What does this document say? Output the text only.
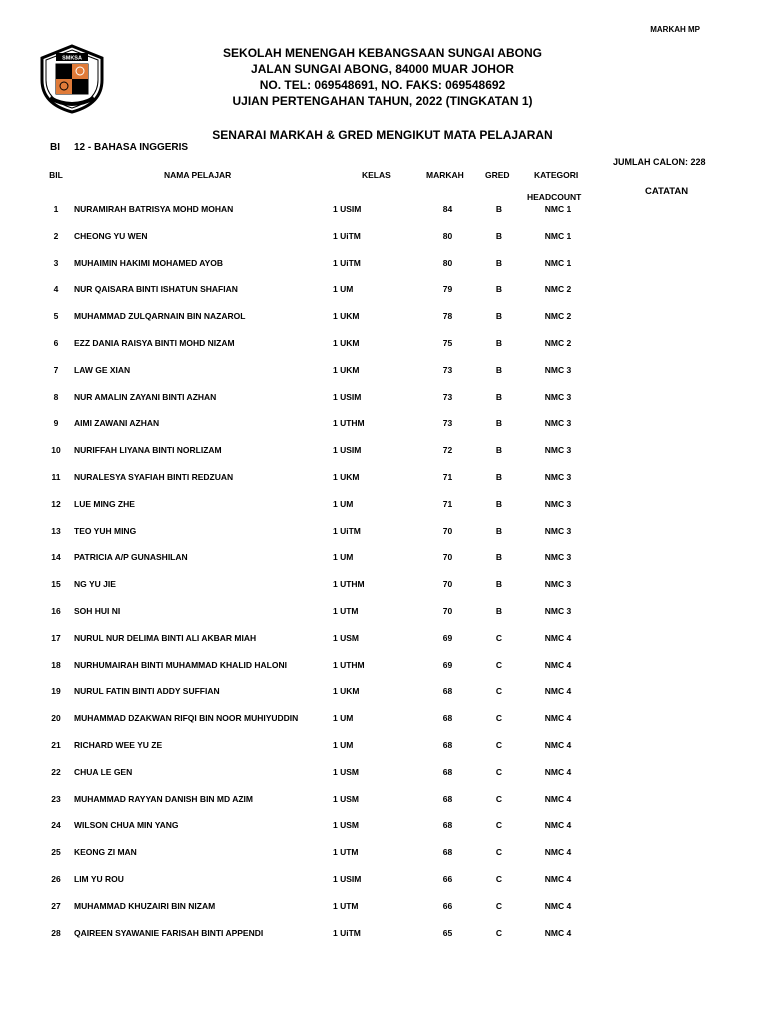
MARKAH MP
SMKSA	SEKOLAH MENENGAH KEBANGSAAN SUNGAI ABONG
JALAN SUNGAI ABONG, 84000 MUAR JOHOR
NO. TEL: 069548691, NO. FAKS: 069548692
UJIAN PERTENGAHAN TAHUN, 2022 (TINGKATAN 1)
SENARAI MARKAH & GRED MENGIKUT MATA PELAJARAN
BI 12 - BAHASA INGGERIS
JUMLAH CALON: 228
BIL	NAMA PELAJAR	KELAS	MARKAH GRED	KATEGORI
HEADCOUNT	CATATAN
1	NURAMIRAH BATRISYA MOHD MOHAN	1 USIM	84	B	NMC 1
2	CHEONG YU WEN	1 UiTM	80	B	NMC 1
3	MUHAIMIN HAKIMI MOHAMED AYOB	1 UiTM	80	B	NMC 1
4	NUR QAISARA BINTI ISHATUN SHAFIAN	1 UM	79	B	NMC 2
5	MUHAMMAD ZULQARNAIN BIN NAZAROL	1 UKM	78	B	NMC 2
6	EZZ DANIA RAISYA BINTI MOHD NIZAM	1 UKM	75	B	NMC 2
7	LAW GE XIAN	1 UKM	73	B	NMC 3
8	NUR AMALIN ZAYANI BINTI AZHAN	1 USIM	73	B	NMC 3
9	AIMI ZAWANI AZHAN	1 UTHM	73	B	NMC 3
10	NURIFFAH LIYANA BINTI NORLIZAM	1 USIM	72	B	NMC 3
11	NURALESYA SYAFIAH BINTI REDZUAN	1 UKM	71	B	NMC 3
12	LUE MING ZHE	1 UM	71	B	NMC 3
13	TEO YUH MING	1 UiTM	70	B	NMC 3
14	PATRICIA A/P GUNASHILAN	1 UM	70	B	NMC 3
15	NG YU JIE	1 UTHM	70	B	NMC 3
16	SOH HUI NI	1 UTM	70	B	NMC 3
17	NURUL NUR DELIMA BINTI ALI AKBAR MIAH	1 USM	69	C	NMC 4
18	NURHUMAIRAH BINTI MUHAMMAD KHALID HALONI	1 UTHM	69	C	NMC 4
19	NURUL FATIN BINTI ADDY SUFFIAN	1 UKM	68	C	NMC 4
20	MUHAMMAD DZAKWAN RIFQI BIN NOOR MUHIYUDDIN	1 UM	68	C	NMC 4
21	RICHARD WEE YU ZE	1 UM	68	C	NMC 4
22	CHUA LE GEN	1 USM	68	C	NMC 4
23	MUHAMMAD RAYYAN DANISH BIN MD AZIM	1 USM	68	C	NMC 4
24	WILSON CHUA MIN YANG	1 USM	68	C	NMC 4
25	KEONG ZI MAN	1 UTM	68	C	NMC 4
26	LIM YU ROU	1 USIM	66	C	NMC 4
27	MUHAMMAD KHUZAIRI BIN NIZAM	1 UTM	66	C	NMC 4
28	QAIREEN SYAWANIE FARISAH BINTI APPENDI	1 UiTM	65	C	NMC 4
